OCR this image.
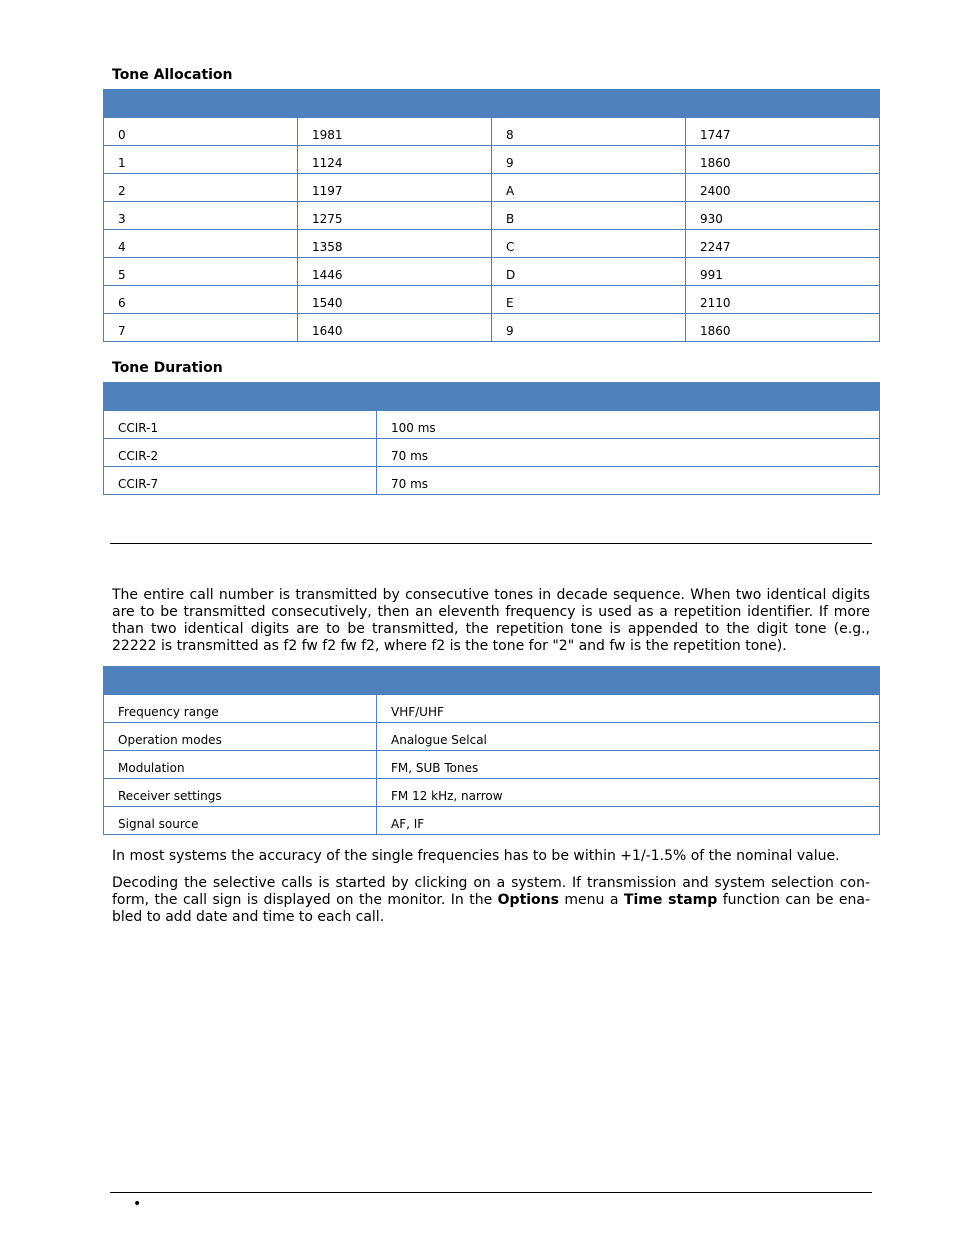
Tone Allocation

0	1981	8	1747
1	1124	9	1860
2	1197	A	2400
3	1275	B	930
4	1358	C	2247
5	1446	D	991
6	1540	E	2110
7	1640	9	1860
Tone Duration

CCIR-1	100 ms
CCIR-2	70 ms
CCIR-7	70 ms

The entire call number is transmitted by consecutive tones in decade sequence. When two identical digits are to be transmitted consecutively, then an eleventh frequency is used as a repetition identifier. If more than two identical digits are to be transmitted, the repetition tone is appended to the digit tone (e.g., 22222 is transmitted as f2 fw f2 fw f2, where f2 is the tone for "2" and fw is the repetition tone).

Frequency range	VHF/UHF
Operation modes	Analogue Selcal
Modulation	FM, SUB Tones
Receiver settings	FM 12 kHz, narrow
Signal source	AF, IF

In most systems the accuracy of the single frequencies has to be within +1/-1.5% of the nominal value.

Decoding the selective calls is started by clicking on a system. If transmission and system selection con-form, the call sign is displayed on the monitor. In the Options menu a Time stamp function can be ena-bled to add date and time to each call.

•
